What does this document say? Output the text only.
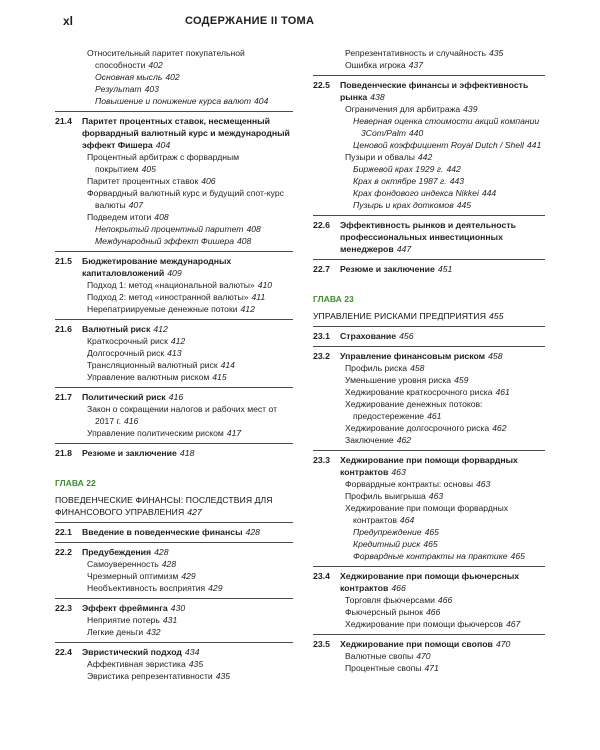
xl	СОДЕРЖАНИЕ II ТОМА
Относительный паритет покупательной способности 402
Основная мысль 402
Результат 403
Повышение и понижение курса валют 404
21.4 Паритет процентных ставок, несмещенный форвардный валютный курс и международный эффект Фишера 404
Процентный арбитраж с форвардным покрытием 405
Паритет процентных ставок 406
Форвардный валютный курс и будущий спот-курс валюты 407
Подведем итоги 408
Непокрытый процентный паритет 408
Международный эффект Фишера 408
21.5 Бюджетирование международных капиталовложений 409
Подход 1: метод «национальной валюты» 410
Подход 2: метод «иностранной валюты» 411
Нерепатриируемые денежные потоки 412
21.6 Валютный риск 412
Краткосрочный риск 412
Долгосрочный риск 413
Трансляционный валютный риск 414
Управление валютным риском 415
21.7 Политический риск 416
Закон о сокращении налогов и рабочих мест от 2017 г. 416
Управление политическим риском 417
21.8 Резюме и заключение 418
ГЛАВА 22
ПОВЕДЕНЧЕСКИЕ ФИНАНСЫ: ПОСЛЕДСТВИЯ ДЛЯ ФИНАНСОВОГО УПРАВЛЕНИЯ 427
22.1 Введение в поведенческие финансы 428
22.2 Предубеждения 428
Самоуверенность 428
Чрезмерный оптимизм 429
Необъективность восприятия 429
22.3 Эффект фрейминга 430
Неприятие потерь 431
Легкие деньги 432
22.4 Эвристический подход 434
Аффективная эвристика 435
Эвристика репрезентативности 435
Репрезентативность и случайность 435
Ошибка игрока 437
22.5 Поведенческие финансы и эффективность рынка 438
Ограничения для арбитража 439
Неверная оценка стоимости акций компании 3Com/Palm 440
Ценовой коэффициент Royal Dutch / Shell 441
Пузыри и обвалы 442
Биржевой крах 1929 г. 442
Крах в октябре 1987 г. 443
Крах фондового индекса Nikkei 444
Пузырь и крах доткомов 445
22.6 Эффективность рынков и деятельность профессиональных инвестиционных менеджеров 447
22.7 Резюме и заключение 451
ГЛАВА 23
УПРАВЛЕНИЕ РИСКАМИ ПРЕДПРИЯТИЯ 455
23.1 Страхование 456
23.2 Управление финансовым риском 458
Профиль риска 458
Уменьшение уровня риска 459
Хеджирование краткосрочного риска 461
Хеджирование денежных потоков: предостережение 461
Хеджирование долгосрочного риска 462
Заключение 462
23.3 Хеджирование при помощи форвардных контрактов 463
Форвардные контракты: основы 463
Профиль выигрыша 463
Хеджирование при помощи форвардных контрактов 464
Предупреждение 465
Кредитный риск 465
Форвардные контракты на практике 465
23.4 Хеджирование при помощи фьючерсных контрактов 466
Торговля фьючерсами 466
Фьючерсный рынок 466
Хеджирование при помощи фьючерсов 467
23.5 Хеджирование при помощи свопов 470
Валютные свопы 470
Процентные свопы 471
